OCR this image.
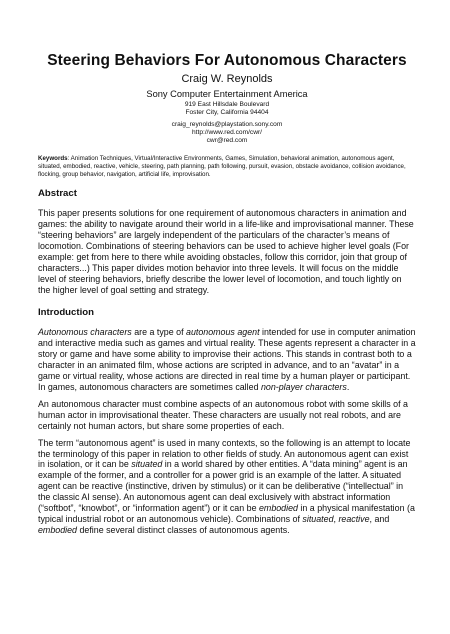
Steering Behaviors For Autonomous Characters
Craig W. Reynolds
Sony Computer Entertainment America
919 East Hillsdale Boulevard
Foster City, California 94404
craig_reynolds@playstation.sony.com
http://www.red.com/cwr/
cwr@red.com
Keywords: Animation Techniques, Virtual/Interactive Environments, Games, Simulation, behavioral animation, autonomous agent, situated, embodied, reactive, vehicle, steering, path planning, path following, pursuit, evasion, obstacle avoidance, collision avoidance, flocking, group behavior, navigation, artificial life, improvisation.
Abstract

This paper presents solutions for one requirement of autonomous characters in animation and games: the ability to navigate around their world in a life-like and improvisational manner. These “steering behaviors” are largely independent of the particulars of the character’s means of locomotion. Combinations of steering behaviors can be used to achieve higher level goals (For example: get from here to there while avoiding obstacles, follow this corridor, join that group of characters...) This paper divides motion behavior into three levels. It will focus on the middle level of steering behaviors, briefly describe the lower level of locomotion, and touch lightly on the higher level of goal setting and strategy.

Introduction

Autonomous characters are a type of autonomous agent intended for use in computer animation and interactive media such as games and virtual reality. These agents represent a character in a story or game and have some ability to improvise their actions. This stands in contrast both to a character in an animated film, whose actions are scripted in advance, and to an “avatar” in a game or virtual reality, whose actions are directed in real time by a human player or participant. In games, autonomous characters are sometimes called non-player characters.

An autonomous character must combine aspects of an autonomous robot with some skills of a human actor in improvisational theater. These characters are usually not real robots, and are certainly not human actors, but share some properties of each.

The term “autonomous agent” is used in many contexts, so the following is an attempt to locate the terminology of this paper in relation to other fields of study. An autonomous agent can exist in isolation, or it can be situated in a world shared by other entities. A “data mining” agent is an example of the former, and a controller for a power grid is an example of the latter. A situated agent can be reactive (instinctive, driven by stimulus) or it can be deliberative (“intellectual” in the classic AI sense). An autonomous agent can deal exclusively with abstract information (“softbot”, “knowbot”, or “information agent”) or it can be embodied in a physical manifestation (a typical industrial robot or an autonomous vehicle). Combinations of situated, reactive, and embodied define several distinct classes of autonomous agents.
